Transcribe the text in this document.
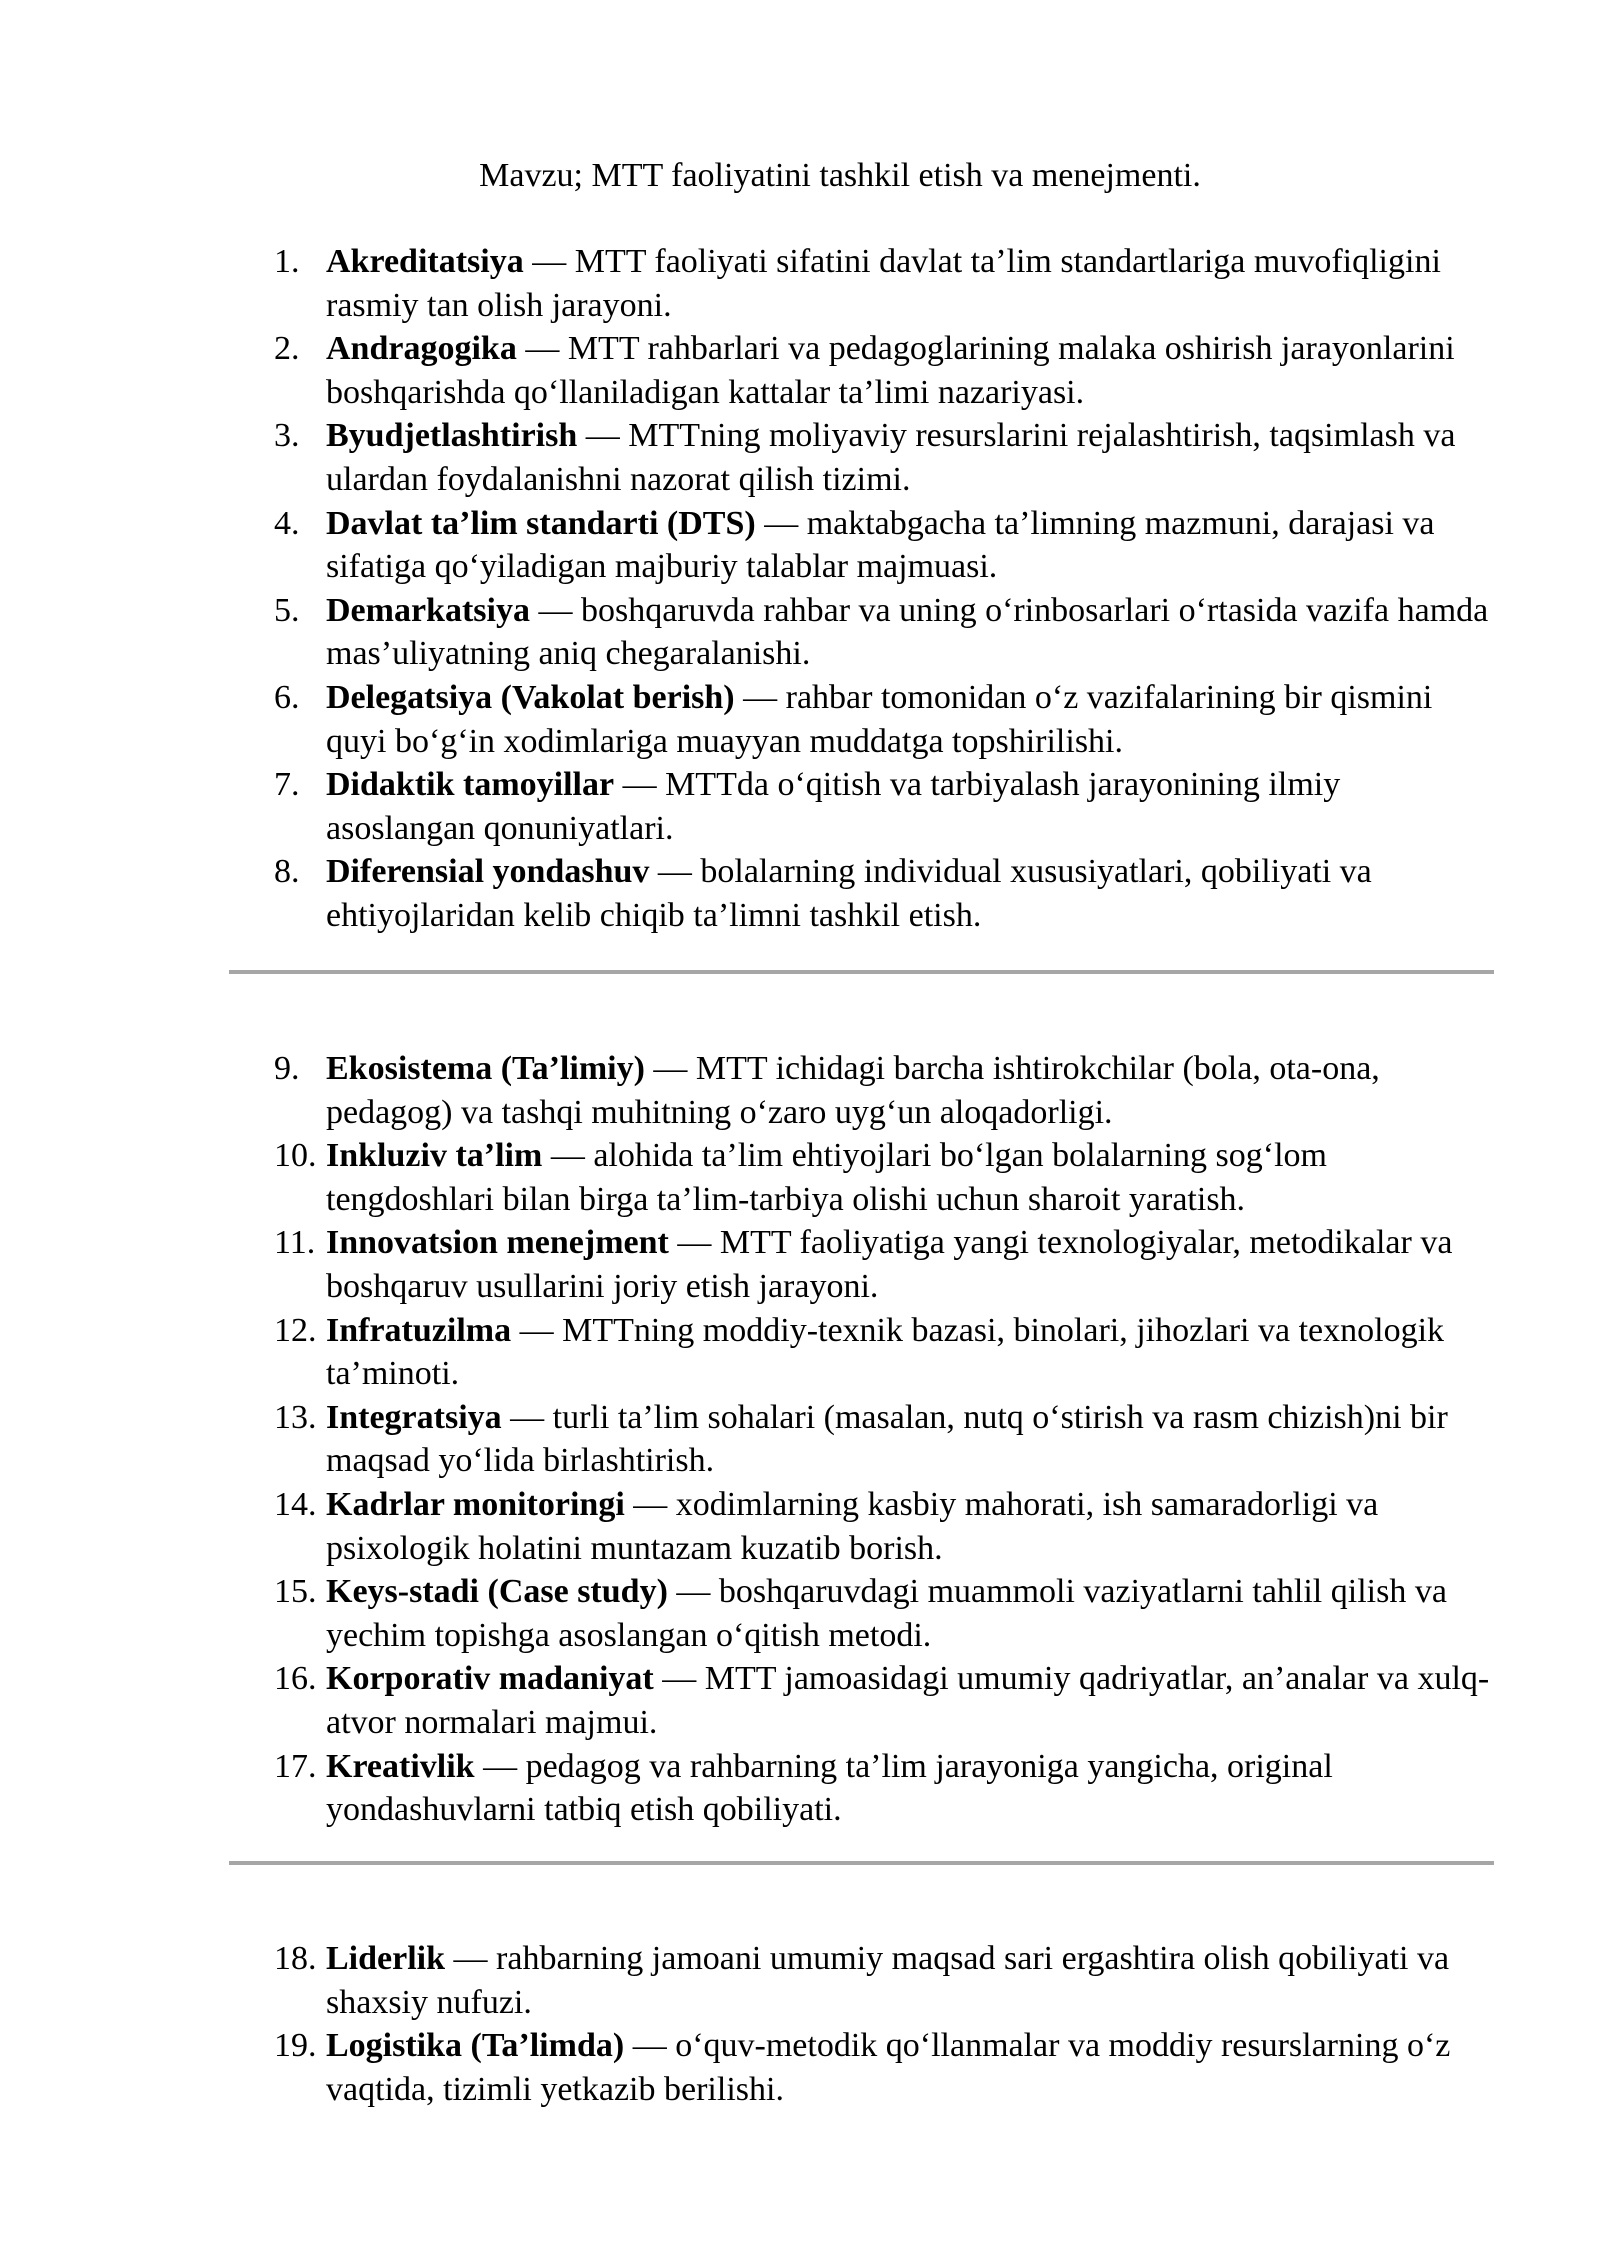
Mavzu; MTT faoliyatini tashkil etish va menejmenti.
1. Akreditatsiya — MTT faoliyati sifatini davlat ta’lim standartlariga muvofiqligini rasmiy tan olish jarayoni.
2. Andragogika — MTT rahbarlari va pedagoglarining malaka oshirish jarayonlarini boshqarishda qo‘llaniladigan kattalar ta’limi nazariyasi.
3. Byudjetlashtirish — MTTning moliyaviy resurslarini rejalashtirish, taqsimlash va ulardan foydalanishni nazorat qilish tizimi.
4. Davlat ta’lim standarti (DTS) — maktabgacha ta’limning mazmuni, darajasi va sifatiga qo‘yiladigan majburiy talablar majmuasi.
5. Demarkatsiya — boshqaruvda rahbar va uning o‘rinbosarlari o‘rtasida vazifa hamda mas’uliyatning aniq chegaralanishi.
6. Delegatsiya (Vakolat berish) — rahbar tomonidan o‘z vazifalarining bir qismini quyi bo‘g‘in xodimlariga muayyan muddatga topshirilishi.
7. Didaktik tamoyillar — MTTda o‘qitish va tarbiyalash jarayonining ilmiy asoslangan qonuniyatlari.
8. Diferensial yondashuv — bolalarning individual xususiyatlari, qobiliyati va ehtiyojlaridan kelib chiqib ta’limni tashkil etish.
9. Ekosistema (Ta’limiy) — MTT ichidagi barcha ishtirokchilar (bola, ota-ona, pedagog) va tashqi muhitning o‘zaro uyg‘un aloqadorligi.
10. Inkluziv ta’lim — alohida ta’lim ehtiyojlari bo‘lgan bolalarning sog‘lom tengdoshlari bilan birga ta’lim-tarbiya olishi uchun sharoit yaratish.
11. Innovatsion menejment — MTT faoliyatiga yangi texnologiyalar, metodikalar va boshqaruv usullarini joriy etish jarayoni.
12. Infratuzilma — MTTning moddiy-texnik bazasi, binolari, jihozlari va texnologik ta’minoti.
13. Integratsiya — turli ta’lim sohalari (masalan, nutq o‘stirish va rasm chizish)ni bir maqsad yo‘lida birlashtirish.
14. Kadrlar monitoringi — xodimlarning kasbiy mahorati, ish samaradorligi va psixologik holatini muntazam kuzatib borish.
15. Keys-stadi (Case study) — boshqaruvdagi muammoli vaziyatlarni tahlil qilish va yechim topishga asoslangan o‘qitish metodi.
16. Korporativ madaniyat — MTT jamoasidagi umumiy qadriyatlar, an’analar va xulq-atvor normalari majmui.
17. Kreativlik — pedagog va rahbarning ta’lim jarayoniga yangicha, original yondashuvlarni tatbiq etish qobiliyati.
18. Liderlik — rahbarning jamoani umumiy maqsad sari ergashtira olish qobiliyati va shaxsiy nufuzi.
19. Logistika (Ta’limda) — o‘quv-metodik qo‘llanmalar va moddiy resurslarning o‘z vaqtida, tizimli yetkazib berilishi.
